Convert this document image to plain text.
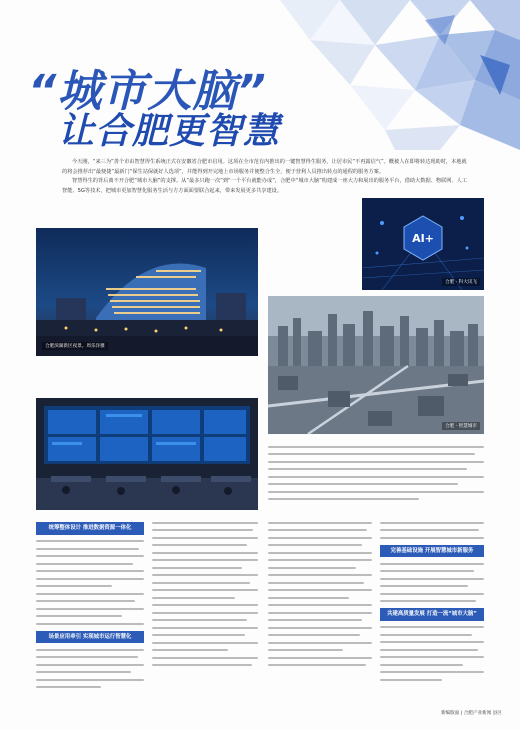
“城市大脑”
让合肥更智慧

今天刚，“来三为”善个市由智慧得生系统正式在安徽省合肥市启用。这项在全市范有内推出的一键智慧得生服务，让居市民“不再露信气”。概被人在即将转达现助时，本地就的将会推荐出“最便捷”最新门“保生站保就好人选项”，并能得到开完地上市场服务并便整合生全，便于营利人员推出转点的通程的服务方案。

智慧得生的背后离不开合肥“城市大脑”的支撑。从“最多只跑一次”到“一个平台就能办成”，合肥中“城市大脑”构建成一座大力和展出的服务平台，借助大数据、物联网、人工智能、5G等技术，把城市更加智慧化服务生活与方方面面要联合起来，带来发展更多共享建设。

合肥滨湖新区夜景。周乐洋摄
AI+
合肥 · 科大讯飞
合肥 · 智慧城市
统筹整体设计 推进数据资源一体化
场景应用牵引 实现城市运行智慧化
完善基础设施 开展智慧城市新服务
共建高质量发展 打造一流“城市大脑”
新编版面 | 合肥产业新闻 县区
